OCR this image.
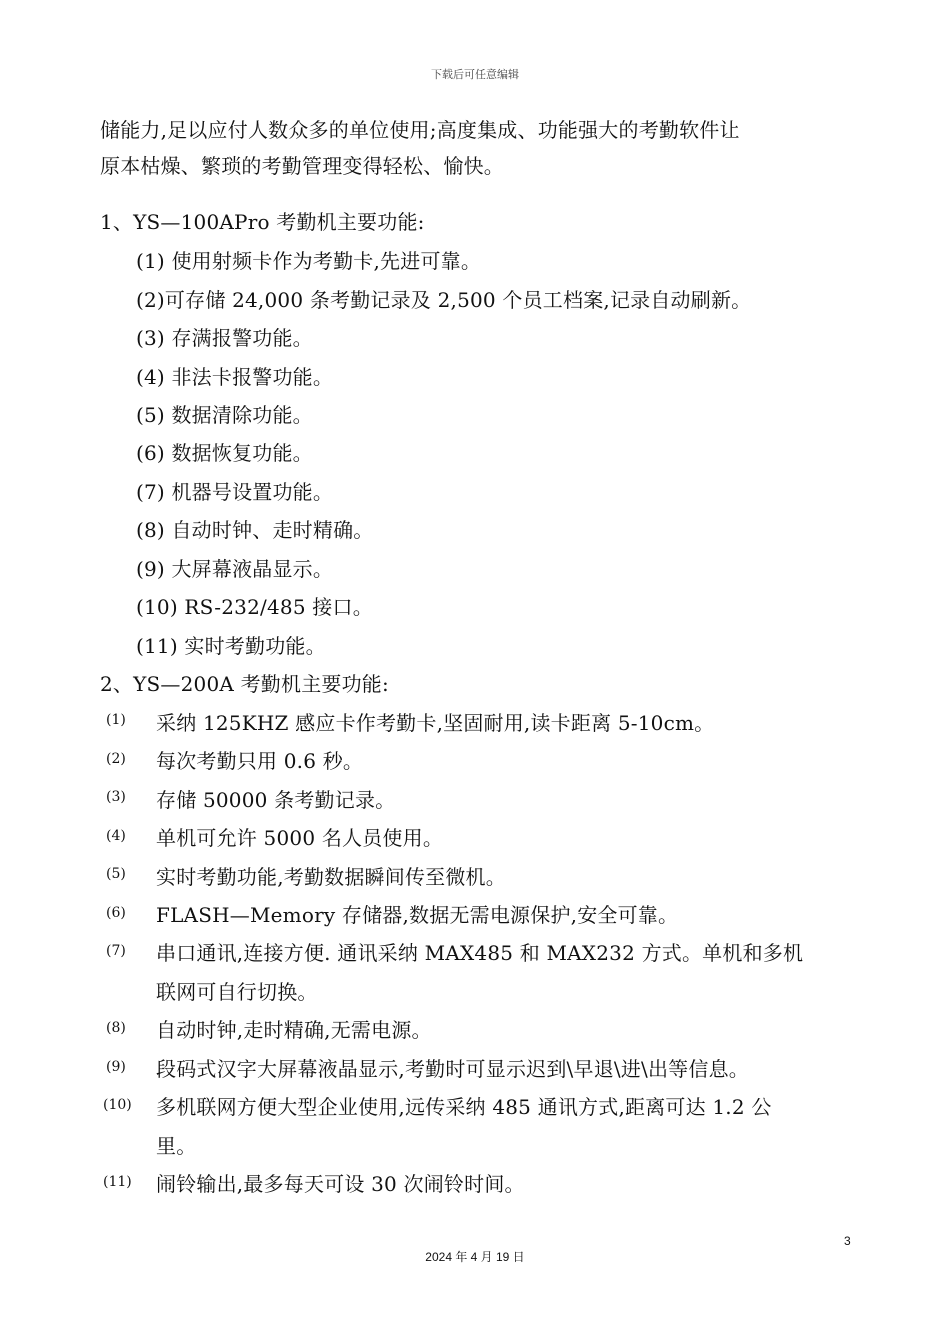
下载后可任意编辑
储能力,足以应付人数众多的单位使用;高度集成、功能强大的考勤软件让
原本枯燥、繁琐的考勤管理变得轻松、愉快。
1、YS—100APro 考勤机主要功能:
(1) 使用射频卡作为考勤卡,先进可靠。
(2)可存储 24,000 条考勤记录及 2,500 个员工档案,记录自动刷新。
(3) 存满报警功能。
(4) 非法卡报警功能。
(5) 数据清除功能。
(6) 数据恢复功能。
(7) 机器号设置功能。
(8) 自动时钟、走时精确。
(9) 大屏幕液晶显示。
(10) RS-232/485 接口。
(11) 实时考勤功能。
2、YS—200A 考勤机主要功能:
(1) 采纳 125KHZ 感应卡作考勤卡,坚固耐用,读卡距离 5-10cm。
(2) 每次考勤只用 0.6 秒。
(3) 存储 50000 条考勤记录。
(4) 单机可允许 5000 名人员使用。
(5) 实时考勤功能,考勤数据瞬间传至微机。
(6) FLASH—Memory 存储器,数据无需电源保护,安全可靠。
(7) 串口通讯,连接方便. 通讯采纳 MAX485 和 MAX232 方式。单机和多机
联网可自行切换。
(8) 自动时钟,走时精确,无需电源。
(9) 段码式汉字大屏幕液晶显示,考勤时可显示迟到\早退\进\出等信息。
(10) 多机联网方便大型企业使用,远传采纳 485 通讯方式,距离可达 1.2 公
里。
(11) 闹铃输出,最多每天可设 30 次闹铃时间。
3
2024 年 4 月 19 日
